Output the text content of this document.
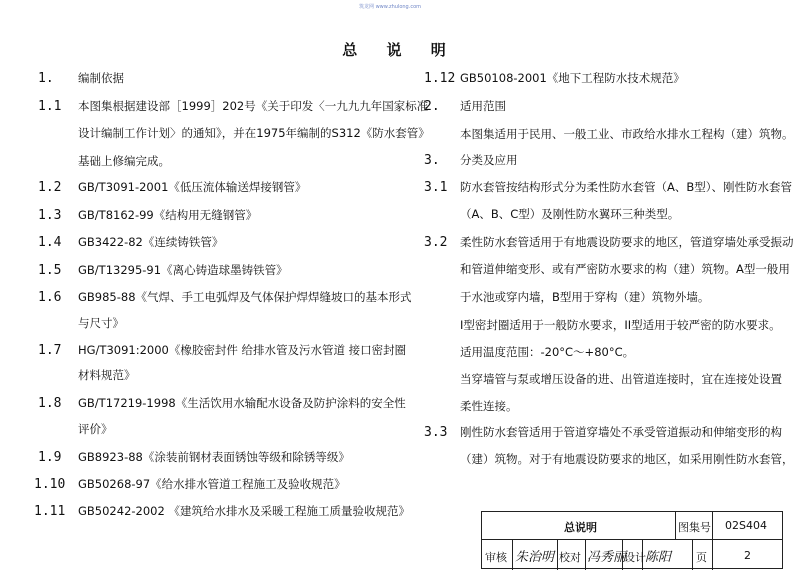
筑龙网 www.zhulong.com
总 说 明
1.	编制依据
1.1	本图集根据建设部［1999］202号《关于印发〈一九九九年国家标准
设计编制工作计划〉的通知》，并在1975年编制的S312《防水套管》
基础上修编完成。
1.2	GB/T3091-2001《低压流体输送焊接钢管》
1.3	GB/T8162-99《结构用无缝钢管》
1.4	GB3422-82《连续铸铁管》
1.5	GB/T13295-91《离心铸造球墨铸铁管》
1.6	GB985-88《气焊、手工电弧焊及气体保护焊焊缝坡口的基本形式
与尺寸》
1.7	HG/T3091:2000《橡胶密封件 给排水管及污水管道 接口密封圈
材料规范》
1.8	GB/T17219-1998《生活饮用水输配水设备及防护涂料的安全性
评价》
1.9	GB8923-88《涂装前钢材表面锈蚀等级和除锈等级》
1.10	GB50268-97《给水排水管道工程施工及验收规范》
1.11	GB50242-2002 《建筑给水排水及采暖工程施工质量验收规范》
1.12 GB50108-2001《地下工程防水技术规范》
2. 适用范围
本图集适用于民用、一般工业、市政给水排水工程构（建）筑物。
3. 分类及应用
3.1 防水套管按结构形式分为柔性防水套管（A、B型）、刚性防水套管
（A、B、C型）及刚性防水翼环三种类型。
3.2 柔性防水套管适用于有地震设防要求的地区，管道穿墙处承受振动
和管道伸缩变形、或有严密防水要求的构（建）筑物。A型一般用
于水池或穿内墙，B型用于穿构（建）筑物外墙。
I型密封圈适用于一般防水要求，II型适用于较严密的防水要求。
适用温度范围：-20°C～+80°C。
当穿墙管与泵或增压设备的进、出管道连接时，宜在连接处设置
柔性连接。
3.3 刚性防水套管适用于管道穿墙处不承受管道振动和伸缩变形的构
（建）筑物。对于有地震设防要求的地区，如采用刚性防水套管，
总说明	图集号 02S404
审核 朱治明 校对 冯秀丽
设计 陈阳 页	2
